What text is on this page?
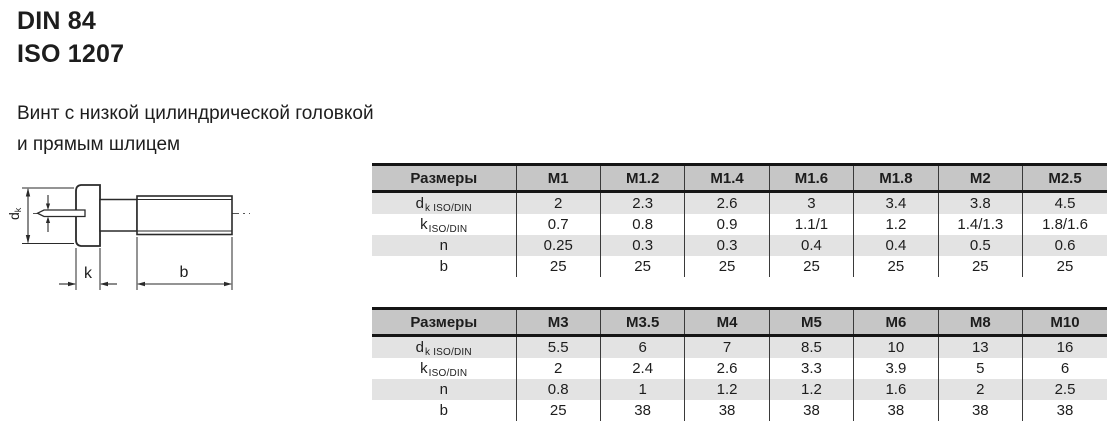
DIN 84
ISO 1207
Винт с низкой цилиндрической головкой
и прямым шлицем
dk
k	b
Размеры	M1	M1.2	M1.4	M1.6	M1.8	M2	M2.5
$d_{k ISO/DIN}$	2	2.3	2.6	3	3.4	3.8	4.5
$k_{ISO/DIN}$	0.7	0.8	0.9	1.1/1	1.2	1.4/1.3	1.8/1.6
n	0.25	0.3	0.3	0.4	0.4	0.5	0.6
b	25	25	25	25	25	25	25
Размеры	M3	M3.5	M4	M5	M6	M8	M10
$d_{k ISO/DIN}$	5.5	6	7	8.5	10	13	16
$k_{ISO/DIN}$	2	2.4	2.6	3.3	3.9	5	6
n	0.8	1	1.2	1.2	1.6	2	2.5
b	25	38	38	38	38	38	38
